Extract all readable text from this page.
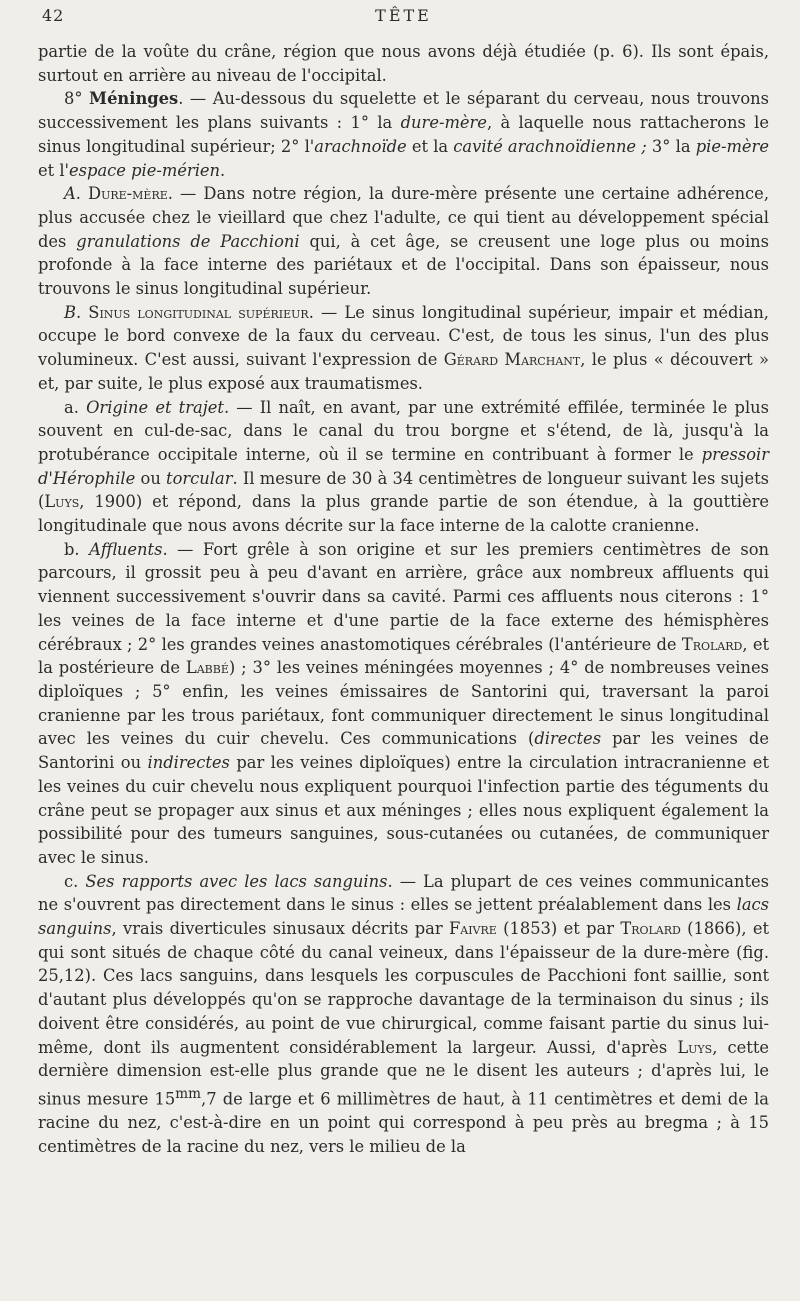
42	TÊTE

partie de la voûte du crâne, région que nous avons déjà étudiée (p. 6). Ils sont épais, surtout en arrière au niveau de l'occipital.

8° Méninges. — Au-dessous du squelette et le séparant du cerveau, nous trouvons successivement les plans suivants : 1° la dure-mère, à laquelle nous rattacherons le sinus longitudinal supérieur; 2° l'arachnoïde et la cavité arachnoïdienne ; 3° la pie-mère et l'espace pie-mérien.

A. Dure-mère. — Dans notre région, la dure-mère présente une certaine adhérence, plus accusée chez le vieillard que chez l'adulte, ce qui tient au développement spécial des granulations de Pacchioni qui, à cet âge, se creusent une loge plus ou moins profonde à la face interne des pariétaux et de l'occipital. Dans son épaisseur, nous trouvons le sinus longitudinal supérieur.

B. Sinus longitudinal supérieur. — Le sinus longitudinal supérieur, impair et médian, occupe le bord convexe de la faux du cerveau. C'est, de tous les sinus, l'un des plus volumineux. C'est aussi, suivant l'expression de Gérard Marchant, le plus « découvert » et, par suite, le plus exposé aux traumatismes.

a. Origine et trajet. — Il naît, en avant, par une extrémité effilée, terminée le plus souvent en cul-de-sac, dans le canal du trou borgne et s'étend, de là, jusqu'à la protubérance occipitale interne, où il se termine en contribuant à former le pressoir d'Hérophile ou torcular. Il mesure de 30 à 34 centimètres de longueur suivant les sujets (Luys, 1900) et répond, dans la plus grande partie de son étendue, à la gouttière longitudinale que nous avons décrite sur la face interne de la calotte cranienne.

b. Affluents. — Fort grêle à son origine et sur les premiers centimètres de son parcours, il grossit peu à peu d'avant en arrière, grâce aux nombreux affluents qui viennent successivement s'ouvrir dans sa cavité. Parmi ces affluents nous citerons : 1° les veines de la face interne et d'une partie de la face externe des hémisphères cérébraux ; 2° les grandes veines anastomotiques cérébrales (l'antérieure de Trolard, et la postérieure de Labbé) ; 3° les veines méningées moyennes ; 4° de nombreuses veines diploïques ; 5° enfin, les veines émissaires de Santorini qui, traversant la paroi cranienne par les trous pariétaux, font communiquer directement le sinus longitudinal avec les veines du cuir chevelu. Ces communications (directes par les veines de Santorini ou indirectes par les veines diploïques) entre la circulation intracranienne et les veines du cuir chevelu nous expliquent pourquoi l'infection partie des téguments du crâne peut se propager aux sinus et aux méninges ; elles nous expliquent également la possibilité pour des tumeurs sanguines, sous-cutanées ou cutanées, de communiquer avec le sinus.

c. Ses rapports avec les lacs sanguins. — La plupart de ces veines communicantes ne s'ouvrent pas directement dans le sinus : elles se jettent préalablement dans les lacs sanguins, vrais diverticules sinusaux décrits par Faivre (1853) et par Trolard (1866), et qui sont situés de chaque côté du canal veineux, dans l'épaisseur de la dure-mère (fig. 25,12). Ces lacs sanguins, dans lesquels les corpuscules de Pacchioni font saillie, sont d'autant plus développés qu'on se rapproche davantage de la terminaison du sinus ; ils doivent être considérés, au point de vue chirurgical, comme faisant partie du sinus lui-même, dont ils augmentent considérablement la largeur. Aussi, d'après Luys, cette dernière dimension est-elle plus grande que ne le disent les auteurs ; d'après lui, le sinus mesure $15^{mm},7$ de large et 6 millimètres de haut, à 11 centimètres et demi de la racine du nez, c'est-à-dire en un point qui correspond à peu près au bregma ; à 15 centimètres de la racine du nez, vers le milieu de la
